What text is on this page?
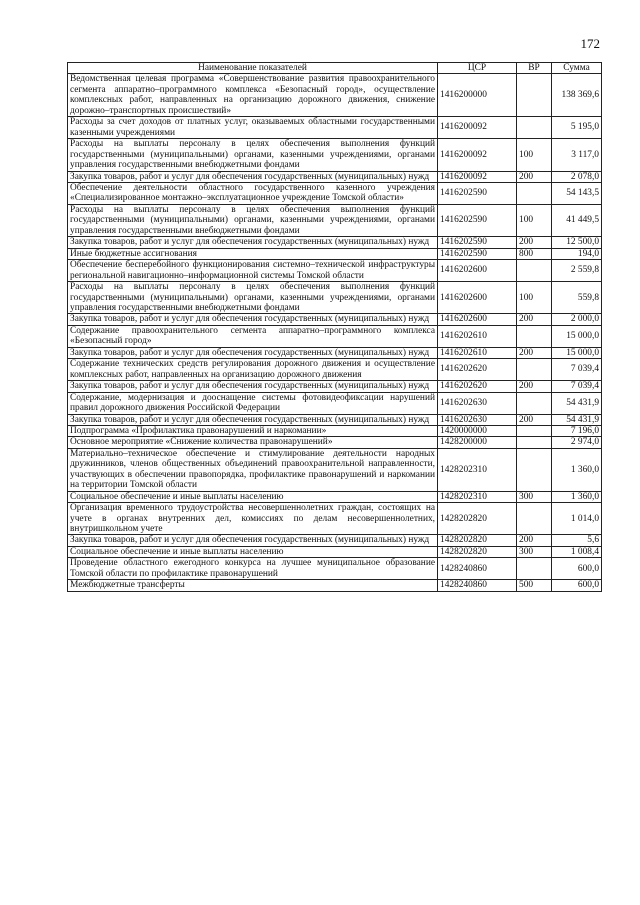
172
Наименование показателей	ЦСР	ВР	Сумма
Ведомственная целевая программа «Совершенствование развития правоохранительного сегмента аппаратно–программного комплекса «Безопасный город», осуществление комплексных работ, направленных на организацию дорожного движения, снижение дорожно–транспортных происшествий»	1416200000		138 369,6
Расходы за счет доходов от платных услуг, оказываемых областными государственными казенными учреждениями	1416200092		5 195,0
Расходы на выплаты персоналу в целях обеспечения выполнения функций государственными (муниципальными) органами, казенными учреждениями, органами управления государственными внебюджетными фондами	1416200092	100	3 117,0
Закупка товаров, работ и услуг для обеспечения государственных (муниципальных) нужд	1416200092	200	2 078,0
Обеспечение деятельности областного государственного казенного учреждения «Специализированное монтажно–эксплуатационное учреждение Томской области»	1416202590		54 143,5
Расходы на выплаты персоналу в целях обеспечения выполнения функций государственными (муниципальными) органами, казенными учреждениями, органами управления государственными внебюджетными фондами	1416202590	100	41 449,5
Закупка товаров, работ и услуг для обеспечения государственных (муниципальных) нужд	1416202590	200	12 500,0
Иные бюджетные ассигнования	1416202590	800	194,0
Обеспечение бесперебойного функционирования системно–технической инфраструктуры региональной навигационно–информационной системы Томской области	1416202600		2 559,8
Расходы на выплаты персоналу в целях обеспечения выполнения функций государственными (муниципальными) органами, казенными учреждениями, органами управления государственными внебюджетными фондами	1416202600	100	559,8
Закупка товаров, работ и услуг для обеспечения государственных (муниципальных) нужд	1416202600	200	2 000,0
Содержание правоохранительного сегмента аппаратно–программного комплекса «Безопасный город»	1416202610		15 000,0
Закупка товаров, работ и услуг для обеспечения государственных (муниципальных) нужд	1416202610	200	15 000,0
Содержание технических средств регулирования дорожного движения и осуществление комплексных работ, направленных на организацию дорожного движения	1416202620		7 039,4
Закупка товаров, работ и услуг для обеспечения государственных (муниципальных) нужд	1416202620	200	7 039,4
Содержание, модернизация и дооснащение системы фотовидеофиксации нарушений правил дорожного движения Российской Федерации	1416202630		54 431,9
Закупка товаров, работ и услуг для обеспечения государственных (муниципальных) нужд	1416202630	200	54 431,9
Подпрограмма «Профилактика правонарушений и наркомании»	1420000000		7 196,0
Основное мероприятие «Снижение количества правонарушений»	1428200000		2 974,0
Материально–техническое обеспечение и стимулирование деятельности народных дружинников, членов общественных объединений правоохранительной направленности, участвующих в обеспечении правопорядка, профилактике правонарушений и наркомании на территории Томской области	1428202310		1 360,0
Социальное обеспечение и иные выплаты населению	1428202310	300	1 360,0
Организация временного трудоустройства несовершеннолетних граждан, состоящих на учете в органах внутренних дел, комиссиях по делам несовершеннолетних, внутришкольном учете	1428202820		1 014,0
Закупка товаров, работ и услуг для обеспечения государственных (муниципальных) нужд	1428202820	200	5,6
Социальное обеспечение и иные выплаты населению	1428202820	300	1 008,4
Проведение областного ежегодного конкурса на лучшее муниципальное образование Томской области по профилактике правонарушений	1428240860		600,0
Межбюджетные трансферты	1428240860	500	600,0
